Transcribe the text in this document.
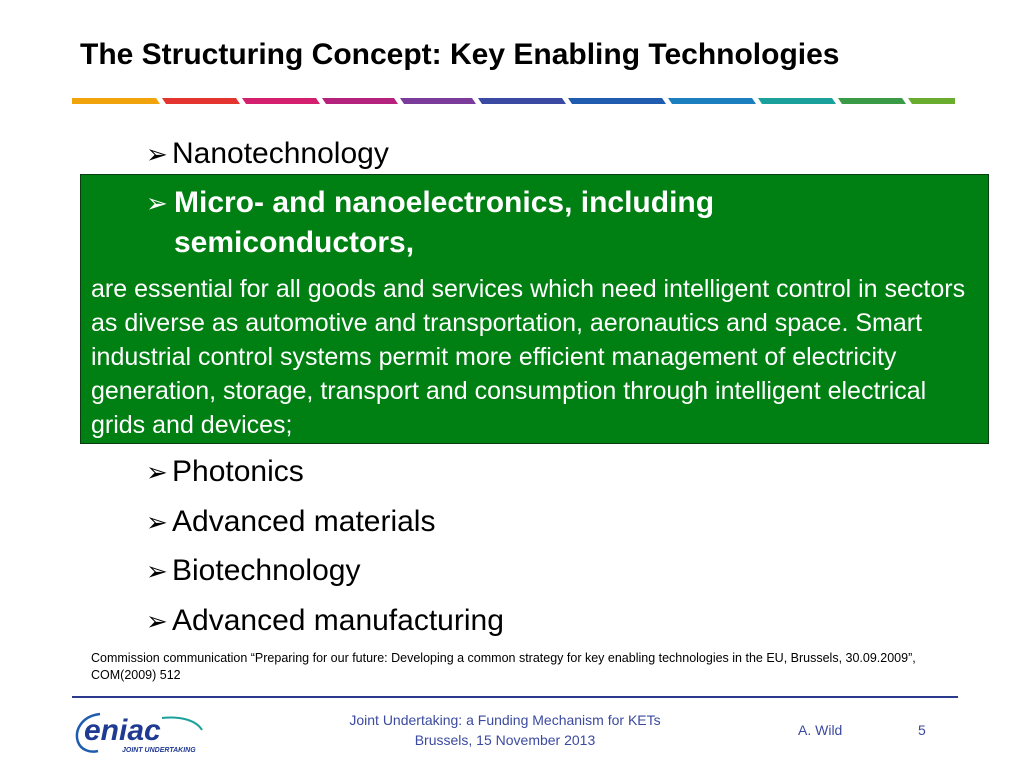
The Structuring Concept: Key Enabling Technologies
➢ Nanotechnology
➢ Micro- and nanoelectronics, including semiconductors,
are essential for all goods and services which need intelligent control in sectors as diverse as automotive and transportation, aeronautics and space. Smart industrial control systems permit more efficient management of electricity generation, storage, transport and consumption through intelligent electrical grids and devices;
➢ Photonics
➢ Advanced materials
➢ Biotechnology
➢ Advanced manufacturing
Commission communication “Preparing for our future: Developing a common strategy for key enabling technologies in the EU, Brussels, 30.09.2009”, COM(2009) 512
eniac
JOINT UNDERTAKING
Joint Undertaking: a Funding Mechanism for KETs
Brussels, 15 November 2013
A. Wild	5
